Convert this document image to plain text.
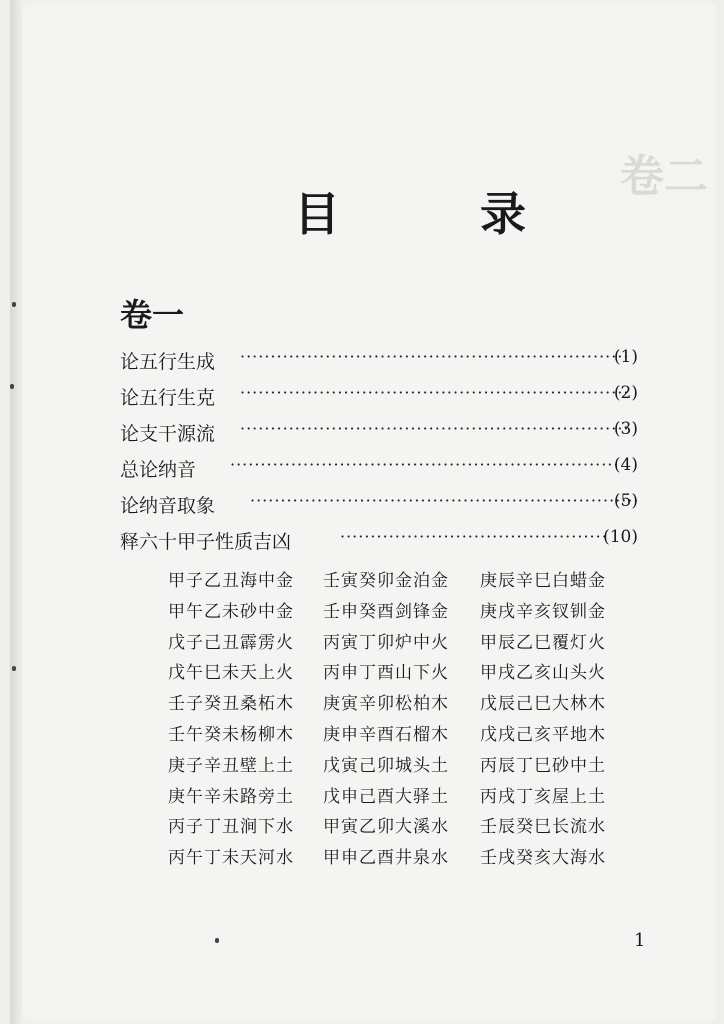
卷二
目 录
卷一
论五行生成 ·····	(1)
论五行生克 ·····	(2)
论支干源流 ·····	(3)
总论纳音 ·····	(4)
论纳音取象 ·····	(5)
释六十甲子性质吉凶 ·····	(10)
甲子乙丑海中金 壬寅癸卯金泊金 庚辰辛巳白蜡金
甲午乙未砂中金 壬申癸酉剑锋金 庚戌辛亥钗钏金
戊子己丑霹雳火 丙寅丁卯炉中火 甲辰乙巳覆灯火
戊午巳未天上火 丙申丁酉山下火 甲戌乙亥山头火
壬子癸丑桑柘木 庚寅辛卯松柏木 戊辰己巳大林木
壬午癸未杨柳木 庚申辛酉石榴木 戊戌己亥平地木
庚子辛丑壁上土 戊寅己卯城头土 丙辰丁巳砂中土
庚午辛未路旁土 戊申己酉大驿土 丙戌丁亥屋上土
丙子丁丑涧下水 甲寅乙卯大溪水 壬辰癸巳长流水
丙午丁未天河水 甲申乙酉井泉水 壬戌癸亥大海水
1
